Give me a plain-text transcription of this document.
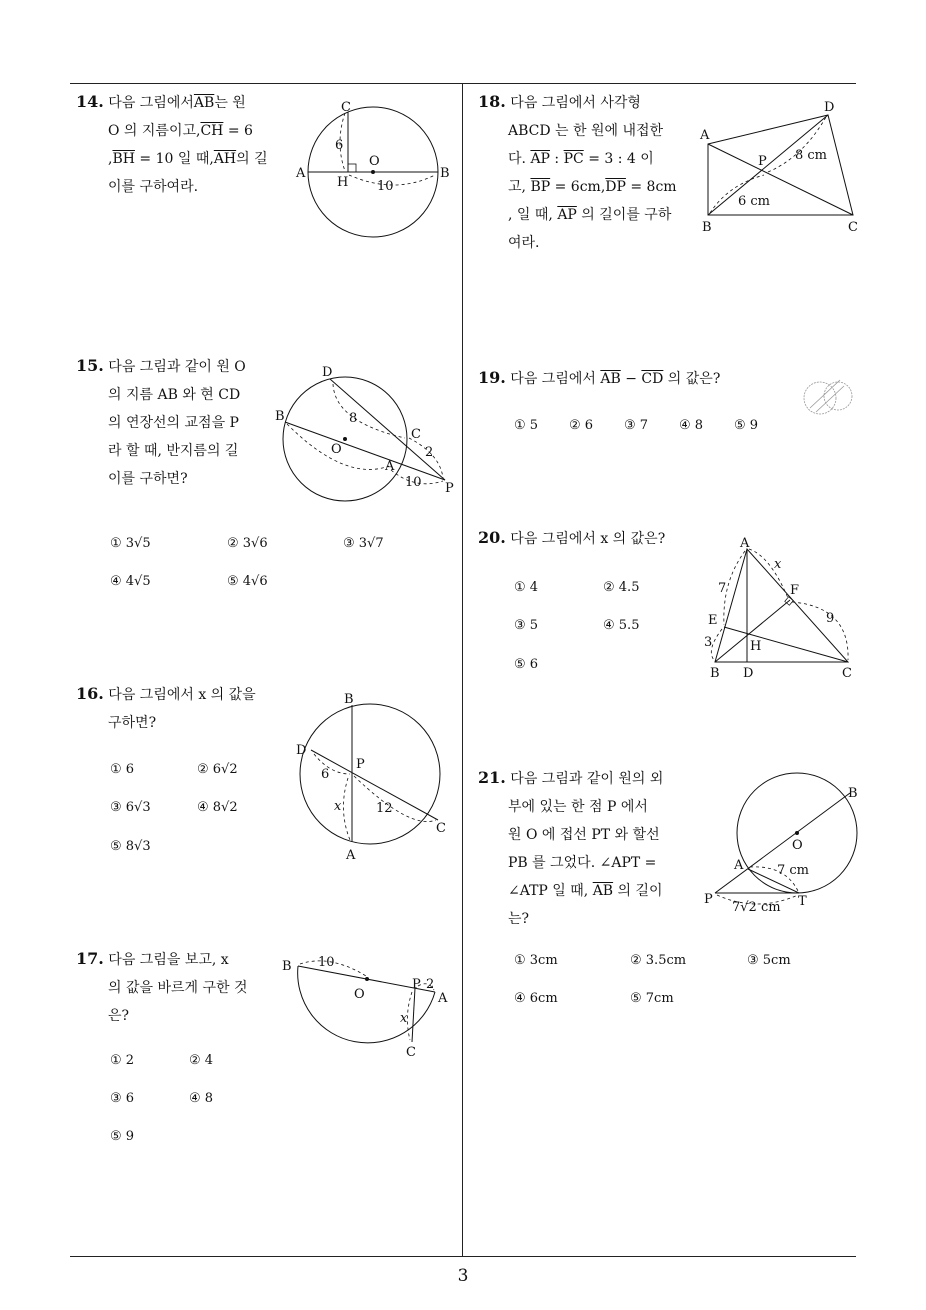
3
14. 다음 그림에서$\overline{AB}$는 원
O 의 지름이고$,\overline{CH} = 6$
$,\overline{BH} = 10$ 일 때$,\overline{AH}$의 길
이를 구하여라.
C
A
H
O
B
6
10
15. 다음 그림과 같이 원 O
의 지름 AB 와 현 CD
의 연장선의 교점을 P
라 할 때, 반지름의 길
이를 구하면?
D
B
O
C
A
P
8
2
10
① 3√5	② 3√6	③ 3√7
④ 4√5	⑤ 4√6
16. 다음 그림에서 x 의 값을
구하면?
B
D
P
6
x	12
C
A
① 6	② 6√2
③ 6√3	④ 8√2
⑤ 8√3
17. 다음 그림을 보고, x
의 값을 바르게 구한 것
은?
B 10
O
P 2
A
x
C
① 2	② 4
③ 6	④ 8
⑤ 9
18. 다음 그림에서 사각형
ABCD 는 한 원에 내접한
다. $\overline{AP}$ : $\overline{PC} = 3$ : 4 이
고, $\overline{BP} = 6cm,\overline{DP} = 8cm$
, 일 때, $\overline{AP}$ 의 길이를 구하
여라.
A
D
P
B	C
8 cm
6 cm
19. 다음 그림에서 $\overline{AB} - \overline{CD}$ 의 값은?
① 5 ② 6 ③ 7 ④ 8 ⑤ 9
20. 다음 그림에서 x 의 값은?	A
x
7	F
E	9
3	H
B D	C
① 4	② 4.5
③ 5	④ 5.5
⑤ 6
21. 다음 그림과 같이 원의 외
부에 있는 한 점 P 에서
원 O 에 접선 PT 와 할선
PB 를 그었다. ∠APT =
∠ATP 일 때, $\overline{AB}$ 의 길이
는?
B
O
A	7 cm
P
7√2 cm T
① 3cm	② 3.5cm	③ 5cm
④ 6cm	⑤ 7cm
